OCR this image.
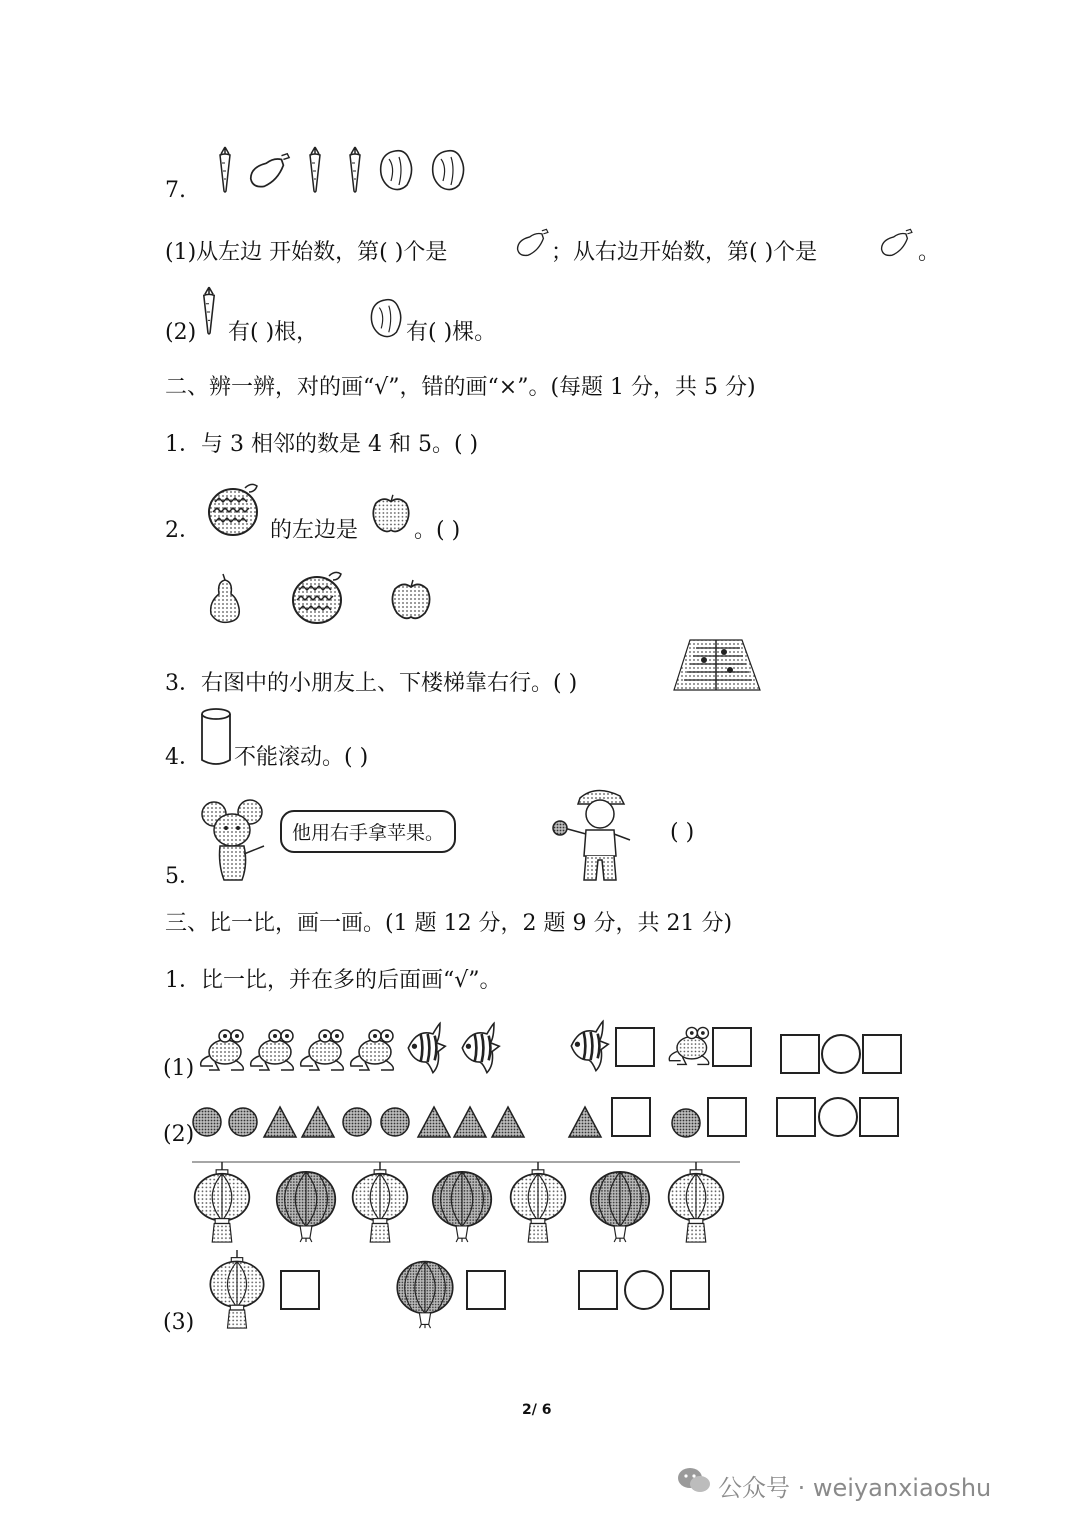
7.
(1)从左边 开始数，第( )个是	；从右边开始数，第( )个是	。
(2) 有( )根，	有( )棵。
二、辨一辨，对的画“√”，错的画“×”。(每题 1 分，共 5 分)
1．与 3 相邻的数是 4 和 5。( )
2．	的左边是	。( )
3．右图中的小朋友上、下楼梯靠右行。( )
4． 不能滚动。( )
他用右手拿苹果。
5．
( )
三、比一比，画一画。(1 题 12 分，2 题 9 分，共 21 分)
1．比一比，并在多的后面画“√”。
(1)
(2)
(3)
2/ 6
公众号 · weiyanxiaoshu
